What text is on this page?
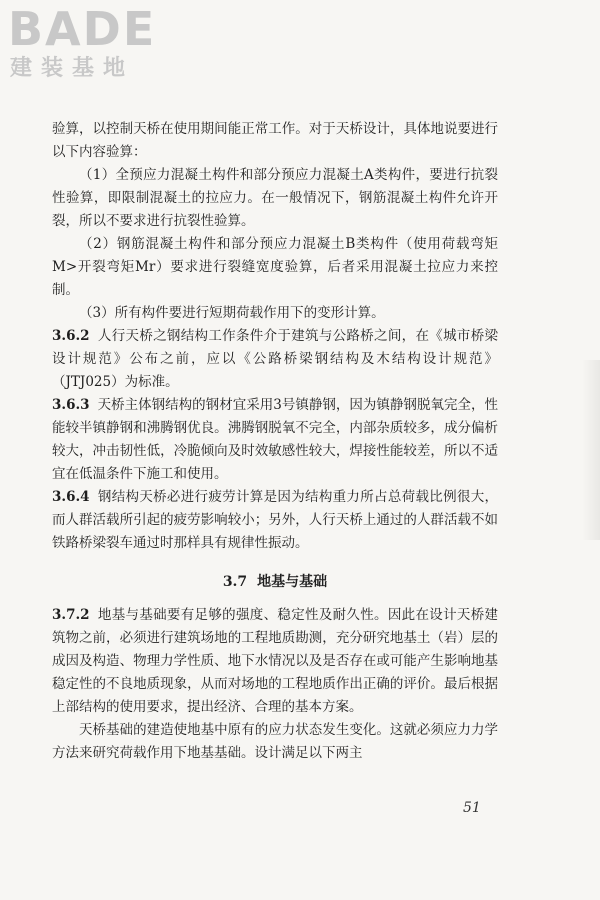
BADE
建装基地

验算，以控制天桥在使用期间能正常工作。对于天桥设计，具体地说要进行以下内容验算：

（1）全预应力混凝土构件和部分预应力混凝土A类构件，要进行抗裂性验算，即限制混凝土的拉应力。在一般情况下，钢筋混凝土构件允许开裂，所以不要求进行抗裂性验算。

（2）钢筋混凝土构件和部分预应力混凝土B类构件（使用荷载弯矩M>开裂弯矩Mr）要求进行裂缝宽度验算，后者采用混凝土拉应力来控制。

（3）所有构件要进行短期荷载作用下的变形计算。

3.6.2 人行天桥之钢结构工作条件介于建筑与公路桥之间，在《城市桥梁设计规范》公布之前，应以《公路桥梁钢结构及木结构设计规范》（JTJ025）为标准。

3.6.3 天桥主体钢结构的钢材宜采用3号镇静钢，因为镇静钢脱氧完全，性能较半镇静钢和沸腾钢优良。沸腾钢脱氧不完全，内部杂质较多，成分偏析较大，冲击韧性低，冷脆倾向及时效敏感性较大，焊接性能较差，所以不适宜在低温条件下施工和使用。

3.6.4 钢结构天桥必进行疲劳计算是因为结构重力所占总荷载比例很大，而人群活载所引起的疲劳影响较小；另外，人行天桥上通过的人群活载不如铁路桥梁裂车通过时那样具有规律性振动。

3.7 地基与基础

3.7.2 地基与基础要有足够的强度、稳定性及耐久性。因此在设计天桥建筑物之前，必须进行建筑场地的工程地质勘测，充分研究地基土（岩）层的成因及构造、物理力学性质、地下水情况以及是否存在或可能产生影响地基稳定性的不良地质现象，从而对场地的工程地质作出正确的评价。最后根据上部结构的使用要求，提出经济、合理的基本方案。

天桥基础的建造使地基中原有的应力状态发生变化。这就必须应力力学方法来研究荷载作用下地基基础。设计满足以下两主

51
